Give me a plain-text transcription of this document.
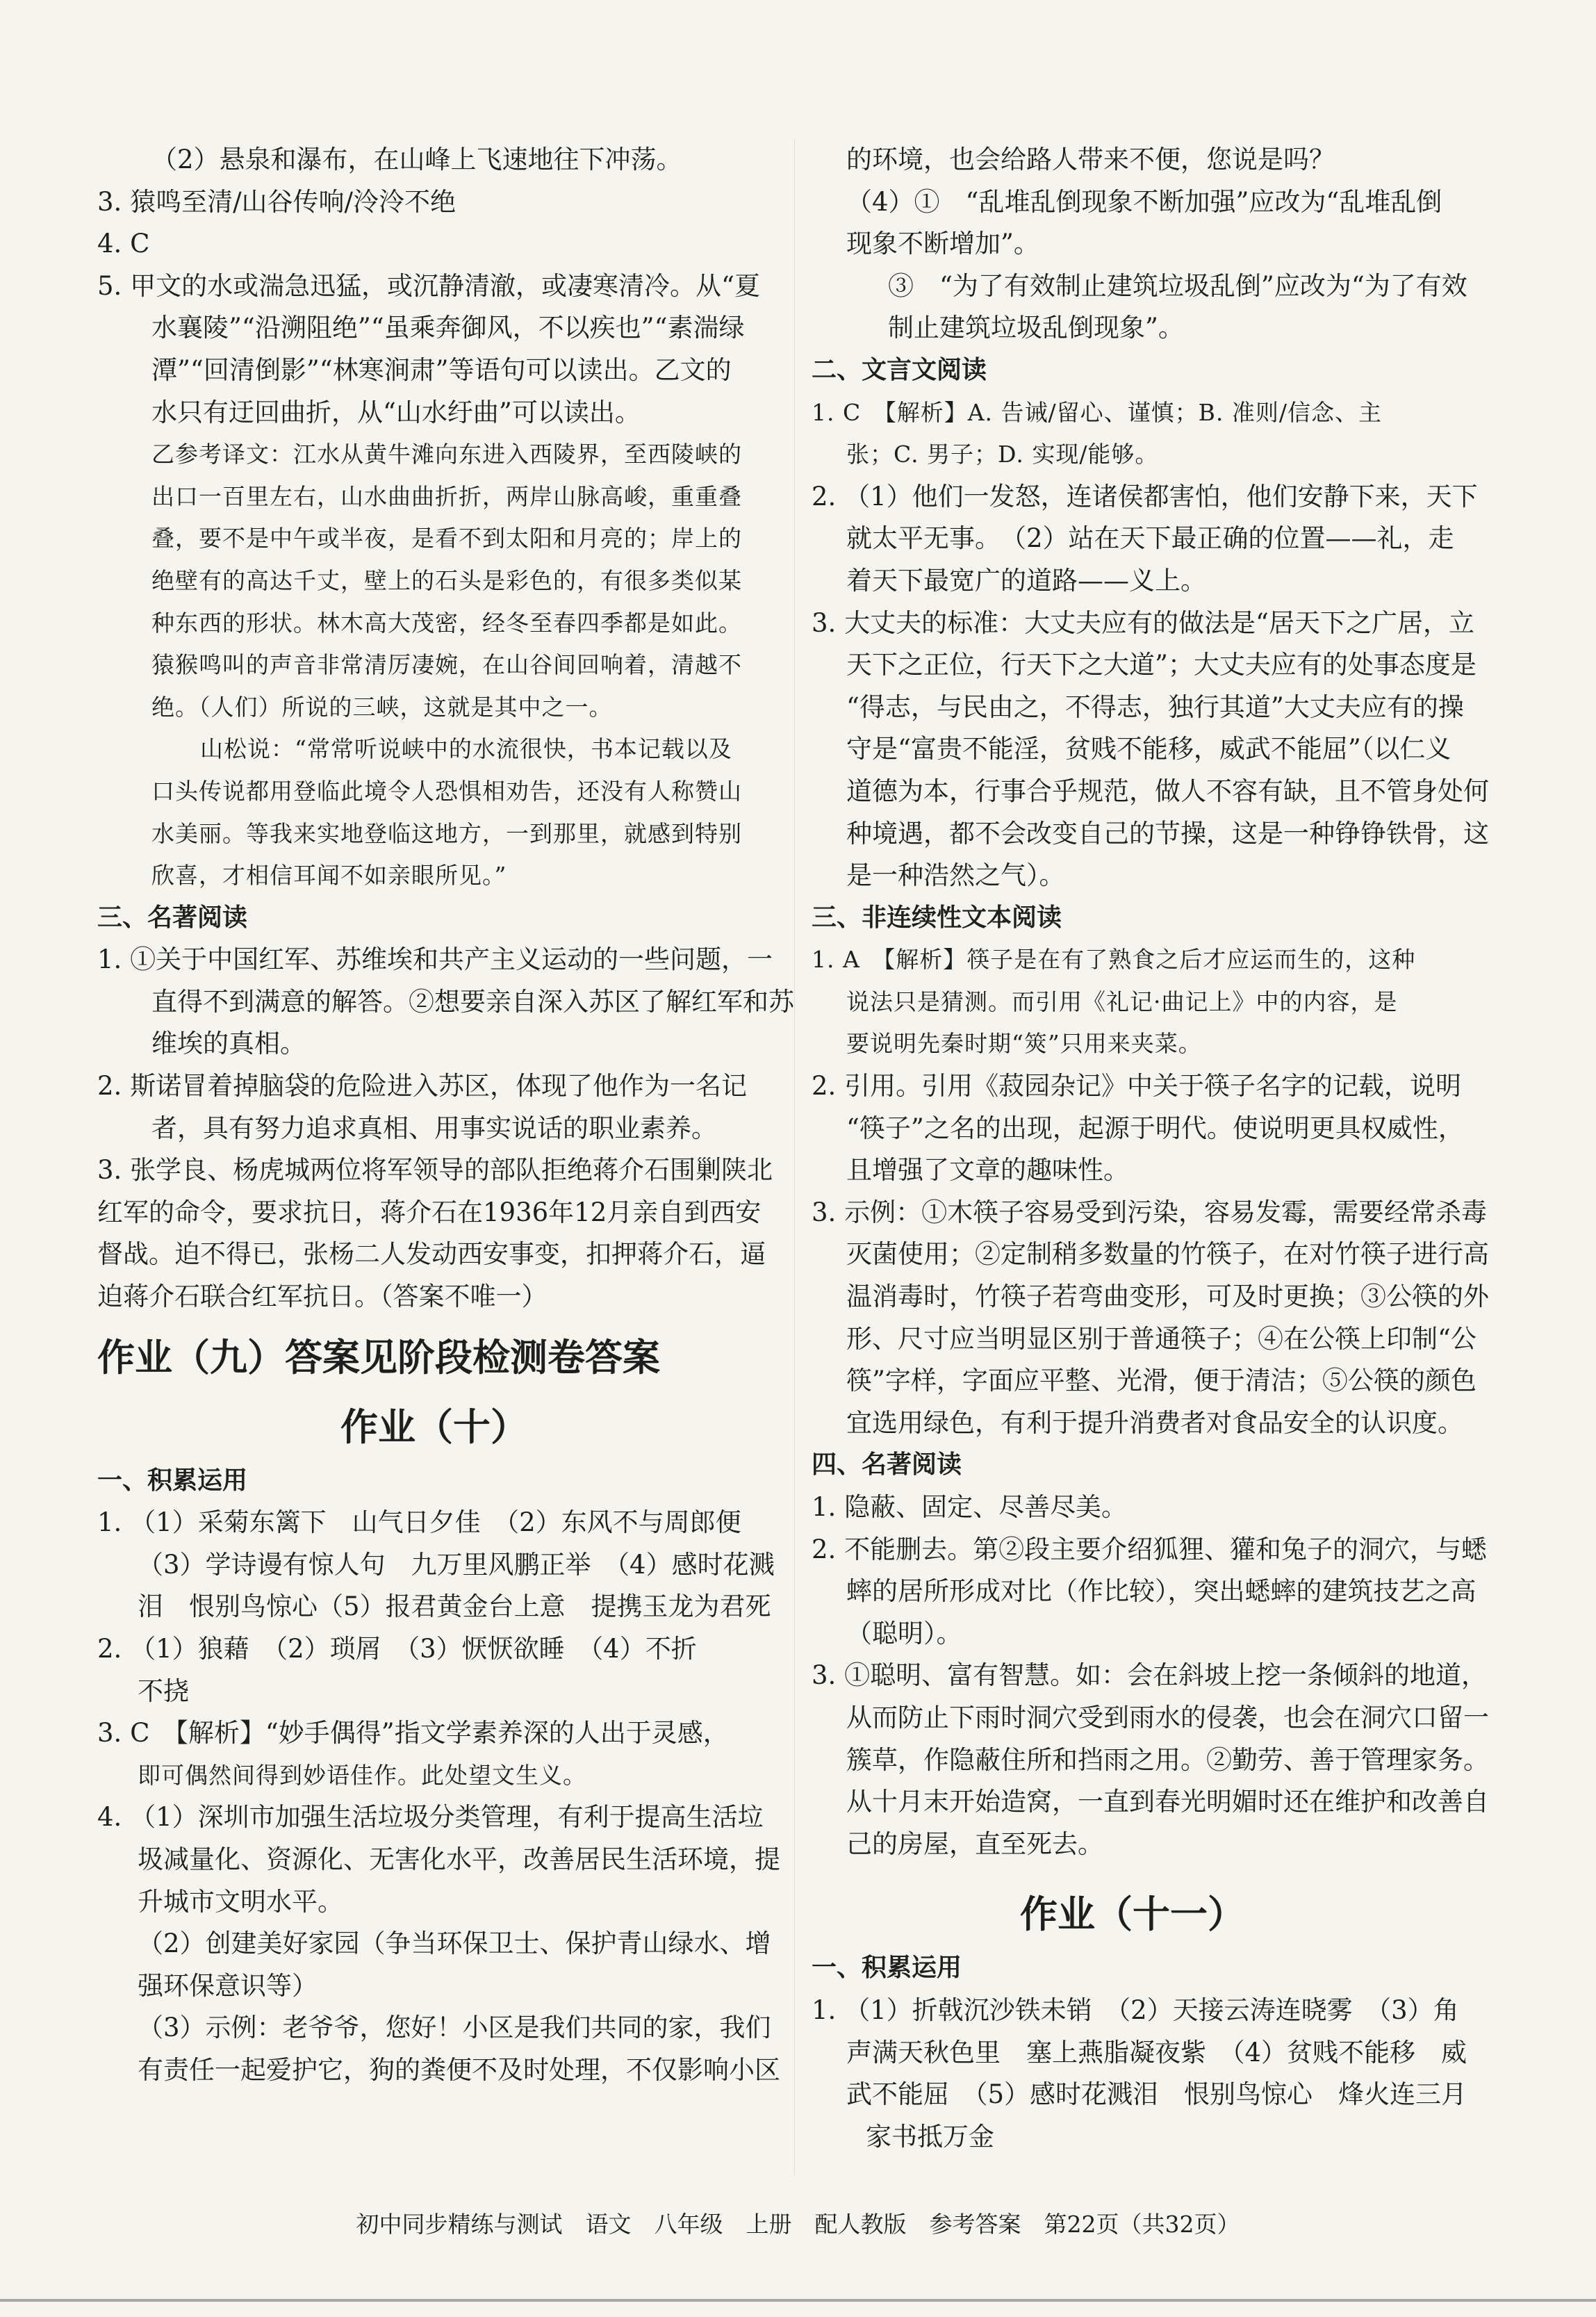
（2）悬泉和瀑布，在山峰上飞速地往下冲荡。
3. 猿鸣至清/山谷传响/泠泠不绝
4. C
5. 甲文的水或湍急迅猛，或沉静清澈，或凄寒清冷。从“夏
水襄陵”“沿溯阻绝”“虽乘奔御风，不以疾也”“素湍绿
潭”“回清倒影”“林寒涧肃”等语句可以读出。乙文的
水只有迂回曲折，从“山水纡曲”可以读出。
乙参考译文：江水从黄牛滩向东进入西陵界，至西陵峡的
出口一百里左右，山水曲曲折折，两岸山脉高峻，重重叠
叠，要不是中午或半夜，是看不到太阳和月亮的；岸上的
绝壁有的高达千丈，壁上的石头是彩色的，有很多类似某
种东西的形状。林木高大茂密，经冬至春四季都是如此。
猿猴鸣叫的声音非常清厉凄婉，在山谷间回响着，清越不
绝。（人们）所说的三峡，这就是其中之一。
山松说：“常常听说峡中的水流很快，书本记载以及
口头传说都用登临此境令人恐惧相劝告，还没有人称赞山
水美丽。等我来实地登临这地方，一到那里，就感到特别
欣喜，才相信耳闻不如亲眼所见。”
三、名著阅读
1. ①关于中国红军、苏维埃和共产主义运动的一些问题，一
直得不到满意的解答。②想要亲自深入苏区了解红军和苏
维埃的真相。
2. 斯诺冒着掉脑袋的危险进入苏区，体现了他作为一名记
者，具有努力追求真相、用事实说话的职业素养。
3. 张学良、杨虎城两位将军领导的部队拒绝蒋介石围剿陕北
红军的命令，要求抗日，蒋介石在1936年12月亲自到西安
督战。迫不得已，张杨二人发动西安事变，扣押蒋介石，逼
迫蒋介石联合红军抗日。（答案不唯一）
作业（九）答案见阶段检测卷答案
作业（十）
一、积累运用
1. （1）采菊东篱下　山气日夕佳　（2）东风不与周郎便
（3）学诗谩有惊人句　九万里风鹏正举　（4）感时花溅
泪　恨别鸟惊心（5）报君黄金台上意　提携玉龙为君死
2. （1）狼藉　（2）琐屑　（3）恹恹欲睡　（4）不折
不挠
3. C　【解析】“妙手偶得”指文学素养深的人出于灵感，
即可偶然间得到妙语佳作。此处望文生义。
4. （1）深圳市加强生活垃圾分类管理，有利于提高生活垃
圾减量化、资源化、无害化水平，改善居民生活环境，提
升城市文明水平。
（2）创建美好家园（争当环保卫士、保护青山绿水、增
强环保意识等）
（3）示例：老爷爷，您好！小区是我们共同的家，我们
有责任一起爱护它，狗的粪便不及时处理，不仅影响小区
的环境，也会给路人带来不便，您说是吗？
（4）①　“乱堆乱倒现象不断加强”应改为“乱堆乱倒
现象不断增加”。
③　“为了有效制止建筑垃圾乱倒”应改为“为了有效
制止建筑垃圾乱倒现象”。
二、文言文阅读
1. C　【解析】A. 告诫/留心、谨慎；B. 准则/信念、主
张；C. 男子；D. 实现/能够。
2. （1）他们一发怒，连诸侯都害怕，他们安静下来，天下
就太平无事。　（2）站在天下最正确的位置——礼，走
着天下最宽广的道路——义上。
3. 大丈夫的标准：大丈夫应有的做法是“居天下之广居，立
天下之正位，行天下之大道”；大丈夫应有的处事态度是
“得志，与民由之，不得志，独行其道”大丈夫应有的操
守是“富贵不能淫，贫贱不能移，威武不能屈”（以仁义
道德为本，行事合乎规范，做人不容有缺，且不管身处何
种境遇，都不会改变自己的节操，这是一种铮铮铁骨，这
是一种浩然之气）。
三、非连续性文本阅读
1. A　【解析】筷子是在有了熟食之后才应运而生的，这种
说法只是猜测。而引用《礼记·曲记上》中的内容，是
要说明先秦时期“筴”只用来夹菜。
2. 引用。引用《菽园杂记》中关于筷子名字的记载，说明
“筷子”之名的出现，起源于明代。使说明更具权威性，
且增强了文章的趣味性。
3. 示例：①木筷子容易受到污染，容易发霉，需要经常杀毒
灭菌使用；②定制稍多数量的竹筷子，在对竹筷子进行高
温消毒时，竹筷子若弯曲变形，可及时更换；③公筷的外
形、尺寸应当明显区别于普通筷子；④在公筷上印制“公
筷”字样，字面应平整、光滑，便于清洁；⑤公筷的颜色
宜选用绿色，有利于提升消费者对食品安全的认识度。
四、名著阅读
1. 隐蔽、固定、尽善尽美。
2. 不能删去。第②段主要介绍狐狸、獾和兔子的洞穴，与蟋
蟀的居所形成对比（作比较），突出蟋蟀的建筑技艺之高
（聪明）。
3. ①聪明、富有智慧。如：会在斜坡上挖一条倾斜的地道，
从而防止下雨时洞穴受到雨水的侵袭，也会在洞穴口留一
簇草，作隐蔽住所和挡雨之用。②勤劳、善于管理家务。
从十月末开始造窝，一直到春光明媚时还在维护和改善自
己的房屋，直至死去。
作业（十一）
一、积累运用
1. （1）折戟沉沙铁未销　（2）天接云涛连晓雾　（3）角
声满天秋色里　塞上燕脂凝夜紫　（4）贫贱不能移　威
武不能屈　（5）感时花溅泪　恨别鸟惊心　烽火连三月
家书抵万金
初中同步精练与测试　语文　八年级　上册　配人教版　参考答案　第22页（共32页）
